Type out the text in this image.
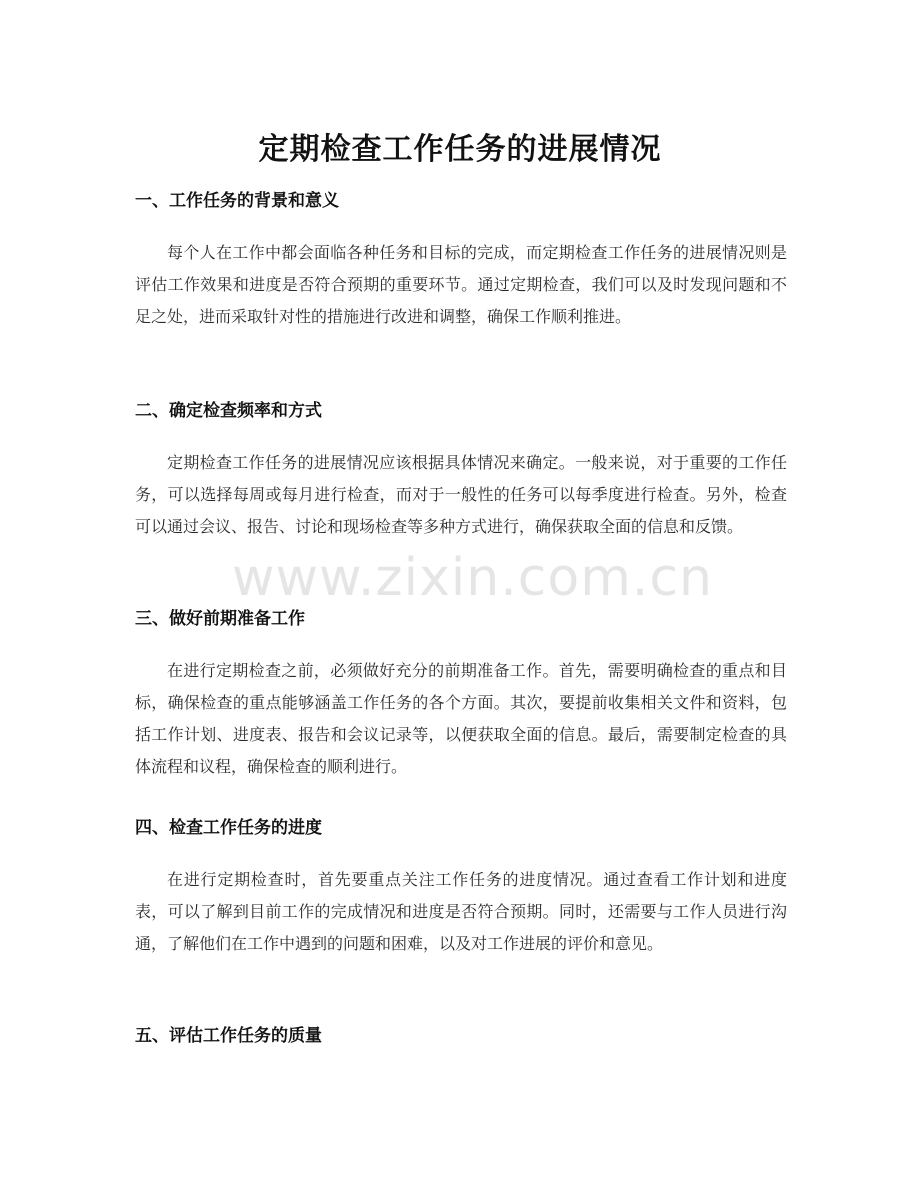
定期检查工作任务的进展情况
一、工作任务的背景和意义

每个人在工作中都会面临各种任务和目标的完成，而定期检查工作任务的进展情况则是评估工作效果和进度是否符合预期的重要环节。通过定期检查，我们可以及时发现问题和不足之处，进而采取针对性的措施进行改进和调整，确保工作顺利推进。

二、确定检查频率和方式

定期检查工作任务的进展情况应该根据具体情况来确定。一般来说，对于重要的工作任务，可以选择每周或每月进行检查，而对于一般性的任务可以每季度进行检查。另外，检查可以通过会议、报告、讨论和现场检查等多种方式进行，确保获取全面的信息和反馈。

三、做好前期准备工作

在进行定期检查之前，必须做好充分的前期准备工作。首先，需要明确检查的重点和目标，确保检查的重点能够涵盖工作任务的各个方面。其次，要提前收集相关文件和资料，包括工作计划、进度表、报告和会议记录等，以便获取全面的信息。最后，需要制定检查的具体流程和议程，确保检查的顺利进行。

四、检查工作任务的进度

在进行定期检查时，首先要重点关注工作任务的进度情况。通过查看工作计划和进度表，可以了解到目前工作的完成情况和进度是否符合预期。同时，还需要与工作人员进行沟通，了解他们在工作中遇到的问题和困难，以及对工作进展的评价和意见。

五、评估工作任务的质量
www.zixin.com.cn
